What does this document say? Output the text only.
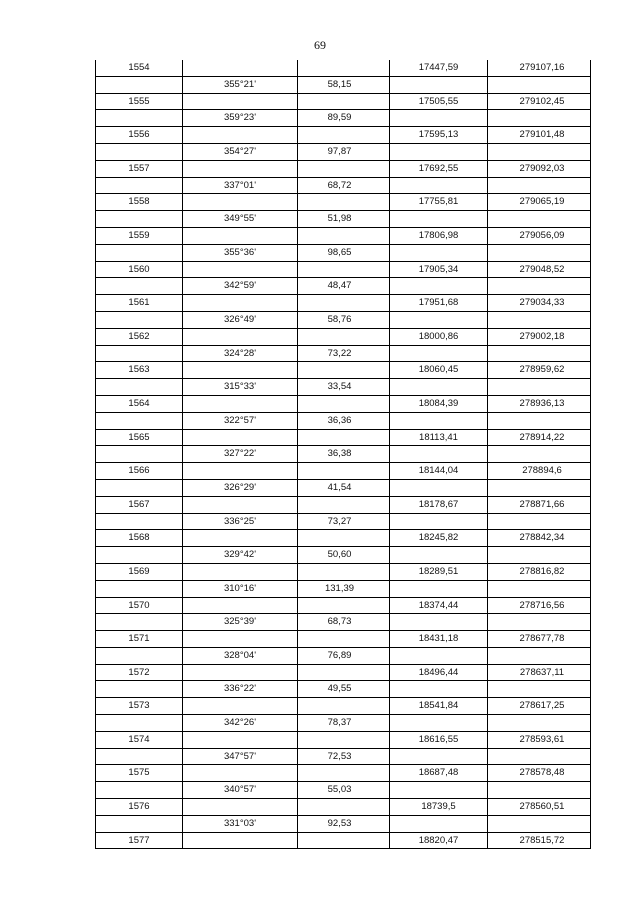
69
1554			17447,59	279107,16
	355°21'	58,15		
1555			17505,55	279102,45
	359°23'	89,59		
1556			17595,13	279101,48
	354°27'	97,87		
1557			17692,55	279092,03
	337°01'	68,72		
1558			17755,81	279065,19
	349°55'	51,98		
1559			17806,98	279056,09
	355°36'	98,65		
1560			17905,34	279048,52
	342°59'	48,47		
1561			17951,68	279034,33
	326°49'	58,76		
1562			18000,86	279002,18
	324°28'	73,22		
1563			18060,45	278959,62
	315°33'	33,54		
1564			18084,39	278936,13
	322°57'	36,36		
1565			18113,41	278914,22
	327°22'	36,38		
1566			18144,04	278894,6
	326°29'	41,54		
1567			18178,67	278871,66
	336°25'	73,27		
1568			18245,82	278842,34
	329°42'	50,60		
1569			18289,51	278816,82
	310°16'	131,39		
1570			18374,44	278716,56
	325°39'	68,73		
1571			18431,18	278677,78
	328°04'	76,89		
1572			18496,44	278637,11
	336°22'	49,55		
1573			18541,84	278617,25
	342°26'	78,37		
1574			18616,55	278593,61
	347°57'	72,53		
1575			18687,48	278578,48
	340°57'	55,03		
1576			18739,5	278560,51
	331°03'	92,53		
1577			18820,47	278515,72
